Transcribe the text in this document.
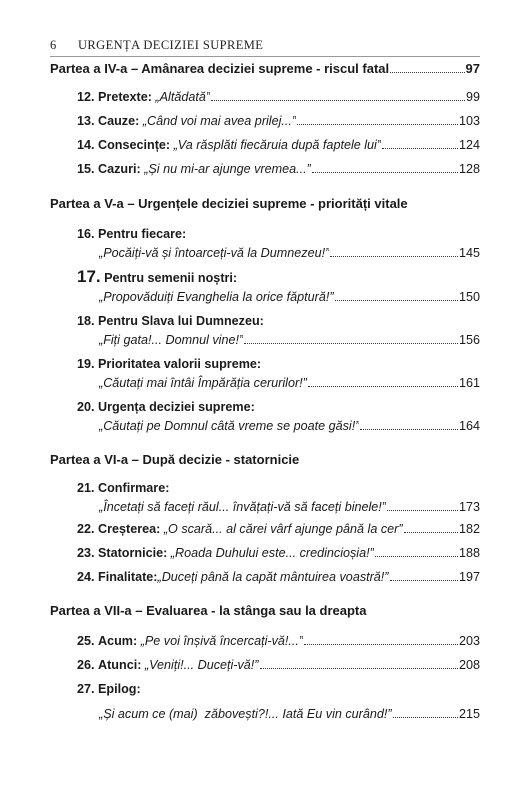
6 URGENȚA DECIZIEI SUPREME
Partea a IV-a – Amânarea deciziei supreme - riscul fatal	97
12. Pretexte: „Altădată”	99
13. Cauze: „Când voi mai avea prilej...”	103
14. Consecințe: „Va răsplăti fiecăruia după faptele lui”	124
15. Cazuri: „Și nu mi-ar ajunge vremea...”	128
Partea a V-a – Urgențele deciziei supreme - priorități vitale
16. Pentru fiecare:
„Pocăiți-vă și întoarceți-vă la Dumnezeu!”	145
17. Pentru semenii noștri:
„Propovăduiți Evanghelia la orice făptură!”	150
18. Pentru Slava lui Dumnezeu:
„Fiți gata!... Domnul vine!”	156
19. Prioritatea valorii supreme:
„Căutați mai întâi Împărăția cerurilor!”	161
20. Urgența deciziei supreme:
„Căutați pe Domnul câtă vreme se poate găsi!”	164
Partea a VI-a – După decizie - statornicie
21. Confirmare:
„Încetați să faceți răul... învățați-vă să faceți binele!”	173
22. Creșterea: „O scară... al cărei vârf ajunge până la cer”	182
23. Statornicie: „Roada Duhului este... credincioșia!”	188
24. Finalitate:„Duceți până la capăt mântuirea voastră!”	197
Partea a VII-a – Evaluarea - la stânga sau la dreapta
25. Acum: „Pe voi înșivă încercați-vă!...”	203
26. Atunci: „Veniți!... Duceți-vă!”	208
27. Epilog:
„Și acum ce (mai)  zăbovești?!... Iată Eu vin curând!”	215
